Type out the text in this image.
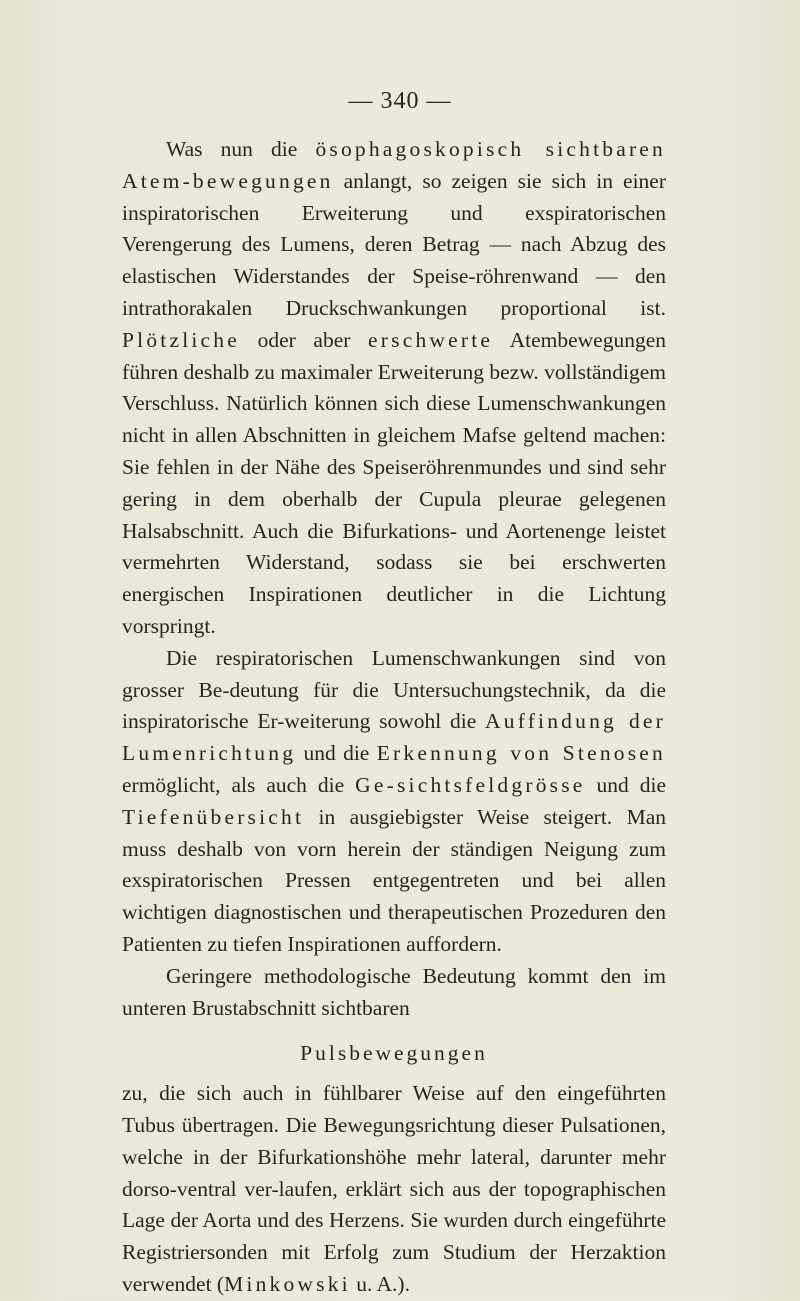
— 340 —

Was nun die ösophagoskopisch sichtbaren Atem-bewegungen anlangt, so zeigen sie sich in einer inspiratorischen Erweiterung und exspiratorischen Verengerung des Lumens, deren Betrag — nach Abzug des elastischen Widerstandes der Speise-röhrenwand — den intrathorakalen Druckschwankungen proportional ist. Plötzliche oder aber erschwerte Atembewegungen führen deshalb zu maximaler Erweiterung bezw. vollständigem Verschluss. Natürlich können sich diese Lumenschwankungen nicht in allen Abschnitten in gleichem Mafse geltend machen: Sie fehlen in der Nähe des Speiseröhrenmundes und sind sehr gering in dem oberhalb der Cupula pleurae gelegenen Halsabschnitt. Auch die Bifurkations- und Aortenenge leistet vermehrten Widerstand, sodass sie bei erschwerten energischen Inspirationen deutlicher in die Lichtung vorspringt.

Die respiratorischen Lumenschwankungen sind von grosser Be-deutung für die Untersuchungstechnik, da die inspiratorische Er-weiterung sowohl die Auffindung der Lumenrichtung und die Erkennung von Stenosen ermöglicht, als auch die Ge-sichtsfeldgrösse und die Tiefenübersicht in ausgiebigster Weise steigert. Man muss deshalb von vorn herein der ständigen Neigung zum exspiratorischen Pressen entgegentreten und bei allen wichtigen diagnostischen und therapeutischen Prozeduren den Patienten zu tiefen Inspirationen auffordern.

Geringere methodologische Bedeutung kommt den im unteren Brustabschnitt sichtbaren

Pulsbewegungen

zu, die sich auch in fühlbarer Weise auf den eingeführten Tubus übertragen. Die Bewegungsrichtung dieser Pulsationen, welche in der Bifurkationshöhe mehr lateral, darunter mehr dorso-ventral ver-laufen, erklärt sich aus der topographischen Lage der Aorta und des Herzens. Sie wurden durch eingeführte Registriersonden mit Erfolg zum Studium der Herzaktion verwendet (Minkowski u. A.).
